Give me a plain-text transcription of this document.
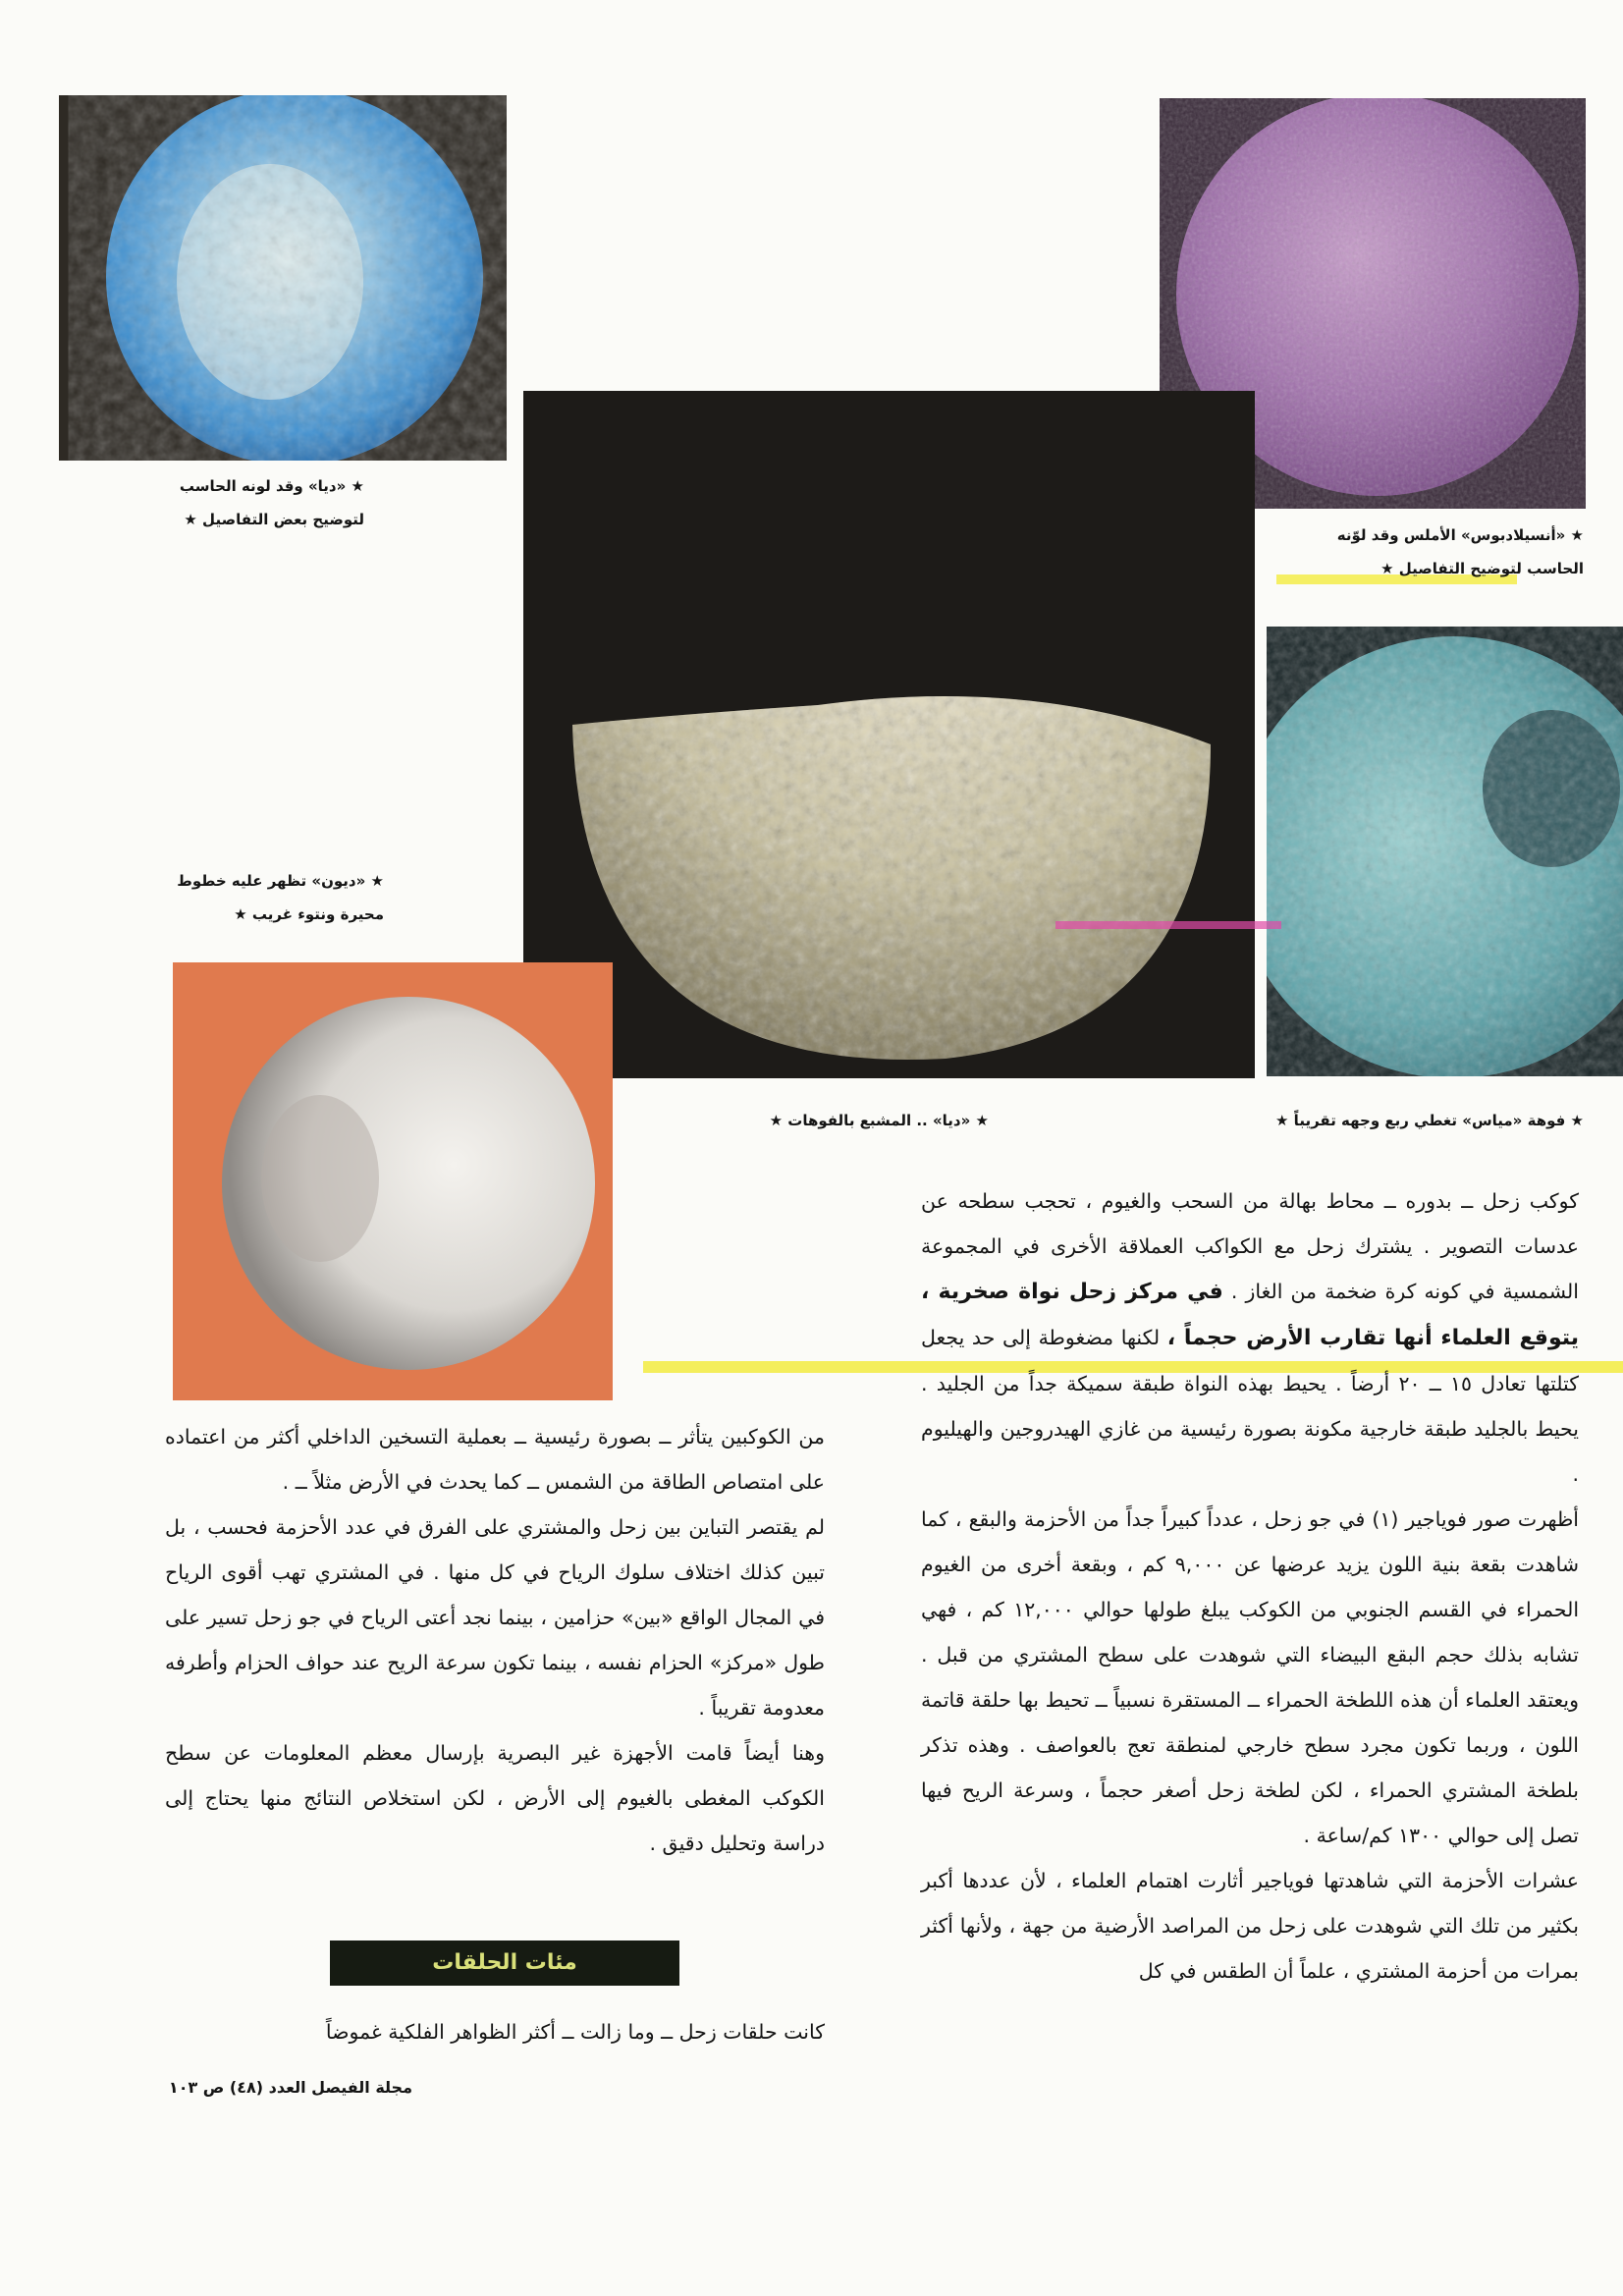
★ «ديا» وقد لونه الحاسب
لتوضيح بعض التفاصيل ★
★ «أنسيلادبوس» الأملس وقد لوّنه
الحاسب لتوضيح التفاصيل ★
★ «ديون» تظهر عليه خطوط
محيرة ونتوء غريب ★
★ «ديا» .. المشبع بالفوهات ★	★ فوهة «مياس» تغطي ربع وجهه تقريباً ★

كوكب زحل ــ بدوره ــ محاط بهالة من السحب والغيوم ، تحجب سطحه عن عدسات التصوير . يشترك زحل مع الكواكب العملاقة الأخرى في المجموعة الشمسية في كونه كرة ضخمة من الغاز . في مركز زحل نواة صخرية ، يتوقع العلماء أنها تقارب الأرض حجماً ، لكنها مضغوطة إلى حد يجعل كتلتها تعادل ١٥ ــ ٢٠ أرضاً . يحيط بهذه النواة طبقة سميكة جداً من الجليد . يحيط بالجليد طبقة خارجية مكونة بصورة رئيسية من غازي الهيدروجين والهيليوم .

أظهرت صور فوياجير (١) في جو زحل ، عدداً كبيراً جداً من الأحزمة والبقع ، كما شاهدت بقعة بنية اللون يزيد عرضها عن ٩,٠٠٠ كم ، وبقعة أخرى من الغيوم الحمراء في القسم الجنوبي من الكوكب يبلغ طولها حوالي ١٢,٠٠٠ كم ، فهي تشابه بذلك حجم البقع البيضاء التي شوهدت على سطح المشتري من قبل . ويعتقد العلماء أن هذه اللطخة الحمراء ــ المستقرة نسبياً ــ تحيط بها حلقة قاتمة اللون ، وربما تكون مجرد سطح خارجي لمنطقة تعج بالعواصف . وهذه تذكر بلطخة المشتري الحمراء ، لكن لطخة زحل أصغر حجماً ، وسرعة الريح فيها تصل إلى حوالي ١٣٠٠ كم/ساعة .

عشرات الأحزمة التي شاهدتها فوياجير أثارت اهتمام العلماء ، لأن عددها أكبر بكثير من تلك التي شوهدت على زحل من المراصد الأرضية من جهة ، ولأنها أكثر بمرات من أحزمة المشتري ، علماً أن الطقس في كل

من الكوكبين يتأثر ــ بصورة رئيسية ــ بعملية التسخين الداخلي أكثر من اعتماده على امتصاص الطاقة من الشمس ــ كما يحدث في الأرض مثلاً ــ .

لم يقتصر التباين بين زحل والمشتري على الفرق في عدد الأحزمة فحسب ، بل تبين كذلك اختلاف سلوك الرياح في كل منها . في المشتري تهب أقوى الرياح في المجال الواقع «بين» حزامين ، بينما نجد أعتى الرياح في جو زحل تسير على طول «مركز» الحزام نفسه ، بينما تكون سرعة الريح عند حواف الحزام وأطرفه معدومة تقريباً .

وهنا أيضاً قامت الأجهزة غير البصرية بإرسال معظم المعلومات عن سطح الكوكب المغطى بالغيوم إلى الأرض ، لكن استخلاص النتائج منها يحتاج إلى دراسة وتحليل دقيق .

مئات الحلقات

كانت حلقات زحل ــ وما زالت ــ أكثر الظواهر الفلكية غموضاً

مجلة الفيصل العدد (٤٨) ص ١٠٣
